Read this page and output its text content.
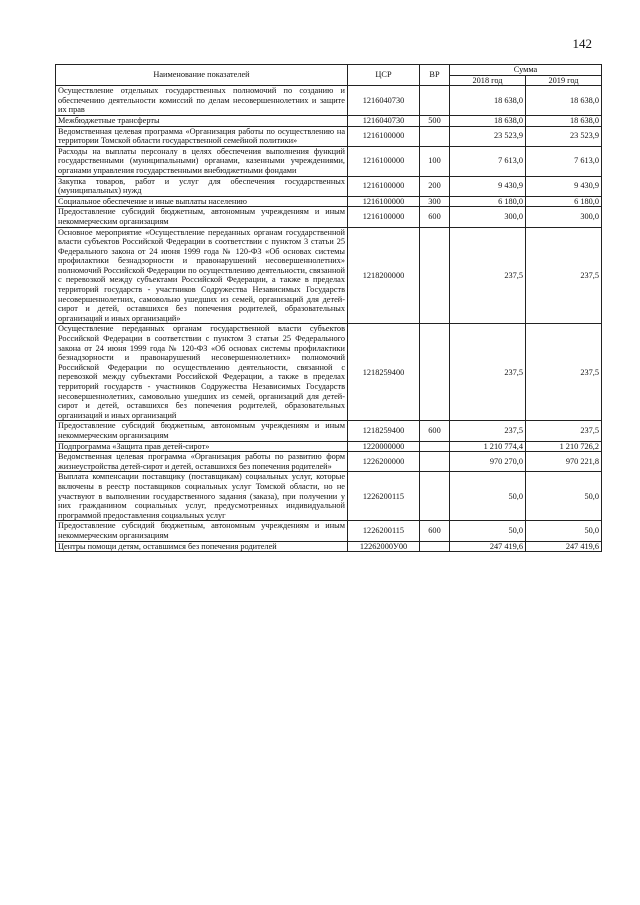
142
Наименование показателей	ЦСР	ВР	Сумма	
			2018 год	2019 год
Осуществление отдельных государственных полномочий по созданию и обеспечению деятельности комиссий по делам несовершеннолетних и защите их прав	1216040730		18 638,0	18 638,0
Межбюджетные трансферты	1216040730	500	18 638,0	18 638,0
Ведомственная целевая программа «Организация работы по осуществлению на территории Томской области государственной семейной политики»	1216100000		23 523,9	23 523,9
Расходы на выплаты персоналу в целях обеспечения выполнения функций государственными (муниципальными) органами, казенными учреждениями, органами управления государственными внебюджетными фондами	1216100000	100	7 613,0	7 613,0
Закупка товаров, работ и услуг для обеспечения государственных (муниципальных) нужд	1216100000	200	9 430,9	9 430,9
Социальное обеспечение и иные выплаты населению	1216100000	300	6 180,0	6 180,0
Предоставление субсидий бюджетным, автономным учреждениям и иным некоммерческим организациям	1216100000	600	300,0	300,0
Основное мероприятие «Осуществление переданных органам государственной власти субъектов Российской Федерации в соответствии с пунктом 3 статьи 25 Федерального закона от 24 июня 1999 года № 120-ФЗ «Об основах системы профилактики безнадзорности и правонарушений несовершеннолетних» полномочий Российской Федерации по осуществлению деятельности, связанной с перевозкой между субъектами Российской Федерации, а также в пределах территорий государств - участников Содружества Независимых Государств несовершеннолетних, самовольно ушедших из семей, организаций для детей-сирот и детей, оставшихся без попечения родителей, образовательных организаций и иных организаций»	1218200000		237,5	237,5
Осуществление переданных органам государственной власти субъектов Российской Федерации в соответствии с пунктом 3 статьи 25 Федерального закона от 24 июня 1999 года № 120-ФЗ «Об основах системы профилактики безнадзорности и правонарушений несовершеннолетних» полномочий Российской Федерации по осуществлению деятельности, связанной с перевозкой между субъектами Российской Федерации, а также в пределах территорий государств - участников Содружества Независимых Государств несовершеннолетних, самовольно ушедших из семей, организаций для детей-сирот и детей, оставшихся без попечения родителей, образовательных организаций и иных организаций	1218259400		237,5	237,5
Предоставление субсидий бюджетным, автономным учреждениям и иным некоммерческим организациям	1218259400	600	237,5	237,5
Подпрограмма «Защита прав детей-сирот»	1220000000		1 210 774,4	1 210 726,2
Ведомственная целевая программа «Организация работы по развитию форм жизнеустройства детей-сирот и детей, оставшихся без попечения родителей»	1226200000		970 270,0	970 221,8
Выплата компенсации поставщику (поставщикам) социальных услуг, которые включены в реестр поставщиков социальных услуг Томской области, но не участвуют в выполнении государственного задания (заказа), при получении у них гражданином социальных услуг, предусмотренных индивидуальной программой предоставления социальных услуг	1226200115		50,0	50,0
Предоставление субсидий бюджетным, автономным учреждениям и иным некоммерческим организациям	1226200115	600	50,0	50,0
Центры помощи детям, оставшимся без попечения родителей	12262000У00		247 419,6	247 419,6
